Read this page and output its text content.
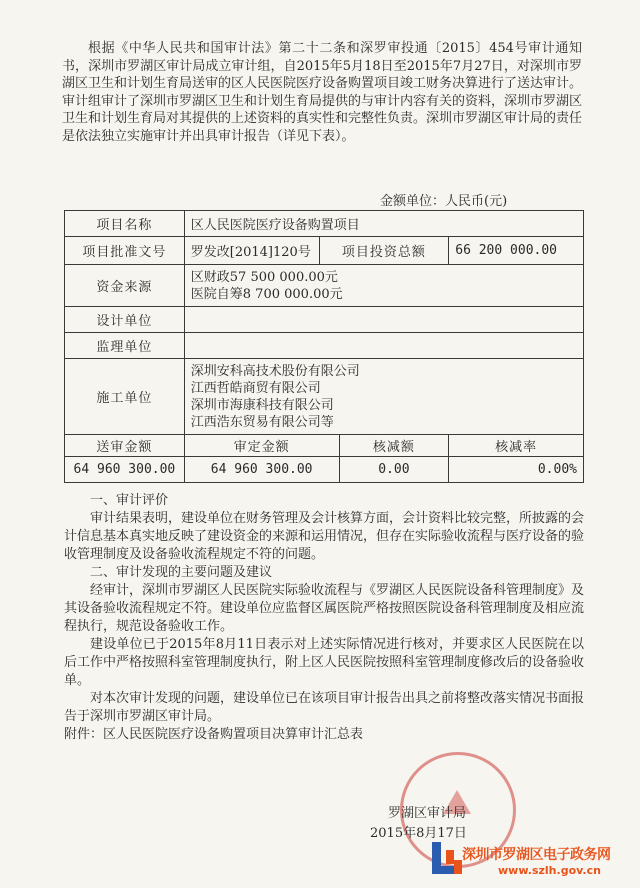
根据《中华人民共和国审计法》第二十二条和深罗审投通〔2015〕454号审计通知书，深圳市罗湖区审计局成立审计组，自2015年5月18日至2015年7月27日，对深圳市罗湖区卫生和计划生育局送审的区人民医院医疗设备购置项目竣工财务决算进行了送达审计。审计组审计了深圳市罗湖区卫生和计划生育局提供的与审计内容有关的资料，深圳市罗湖区卫生和计划生育局对其提供的上述资料的真实性和完整性负责。深圳市罗湖区审计局的责任是依法独立实施审计并出具审计报告（详见下表）。

金额单位：人民币(元)
项目名称	区人民医院医疗设备购置项目			
项目批准文号	罗发改[2014]120号	项目投资总额		66 200 000.00
资金来源	区财政57 500 000.00元
医院自筹8 700 000.00元			

设计单位				
监理单位				
施工单位	深圳安科高技术股份有限公司
江西哲皓商贸有限公司
深圳市海康科技有限公司
江西浩东贸易有限公司等			

送审金额	审定金额		核减额	核减率
64 960 300.00	64 960 300.00		0.00	0.00%

一、审计评价

审计结果表明，建设单位在财务管理及会计核算方面，会计资料比较完整，所披露的会计信息基本真实地反映了建设资金的来源和运用情况，但存在实际验收流程与医疗设备的验收管理制度及设备验收流程规定不符的问题。

二、审计发现的主要问题及建议

经审计，深圳市罗湖区人民医院实际验收流程与《罗湖区人民医院设备科管理制度》及其设备验收流程规定不符。建设单位应监督区属医院严格按照医院设备科管理制度及相应流程执行，规范设备验收工作。

建设单位已于2015年8月11日表示对上述实际情况进行核对，并要求区人民医院在以后工作中严格按照科室管理制度执行，附上区人民医院按照科室管理制度修改后的设备验收单。

对本次审计发现的问题，建设单位已在该项目审计报告出具之前将整改落实情况书面报告于深圳市罗湖区审计局。

附件：区人民医院医疗设备购置项目决算审计汇总表

罗湖区审计局
2015年8月17日
深圳市罗湖区电子政务网
www.szlh.gov.cn
